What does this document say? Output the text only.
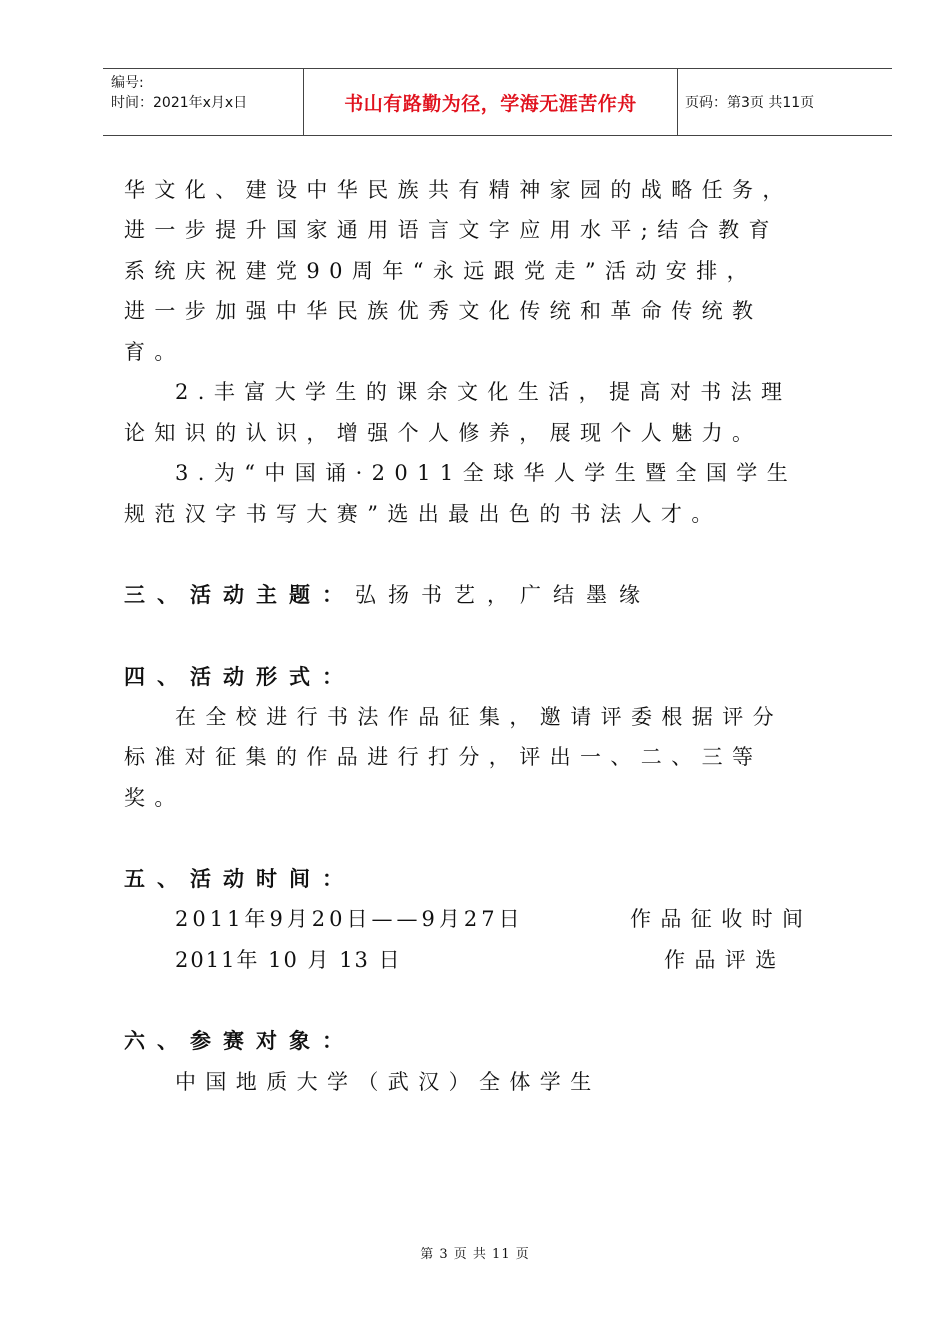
编号:
时间：2021年x月x日	书山有路勤为径，学海无涯苦作舟	页码：第3页 共11页
华文化、建设中华民族共有精神家园的战略任务，
进一步提升国家通用语言文字应用水平;结合教育
系统庆祝建党90周年“永远跟党走”活动安排，
进一步加强中华民族优秀文化传统和革命传统教
育。
2.丰富大学生的课余文化生活，提高对书法理
论知识的认识，增强个人修养，展现个人魅力。
3.为“中国诵·2011全球华人学生暨全国学生
规范汉字书写大赛”选出最出色的书法人才。
三、活动主题：弘扬书艺，广结墨缘
四、活动形式：
在全校进行书法作品征集，邀请评委根据评分
标准对征集的作品进行打分，评出一、二、三等
奖。
五、活动时间：
2011年9月20日——9月27日	作品征收时间
2011年 10 月 13 日	作品评选
六、参赛对象：
中国地质大学（武汉）全体学生
第 3 页 共 11 页
